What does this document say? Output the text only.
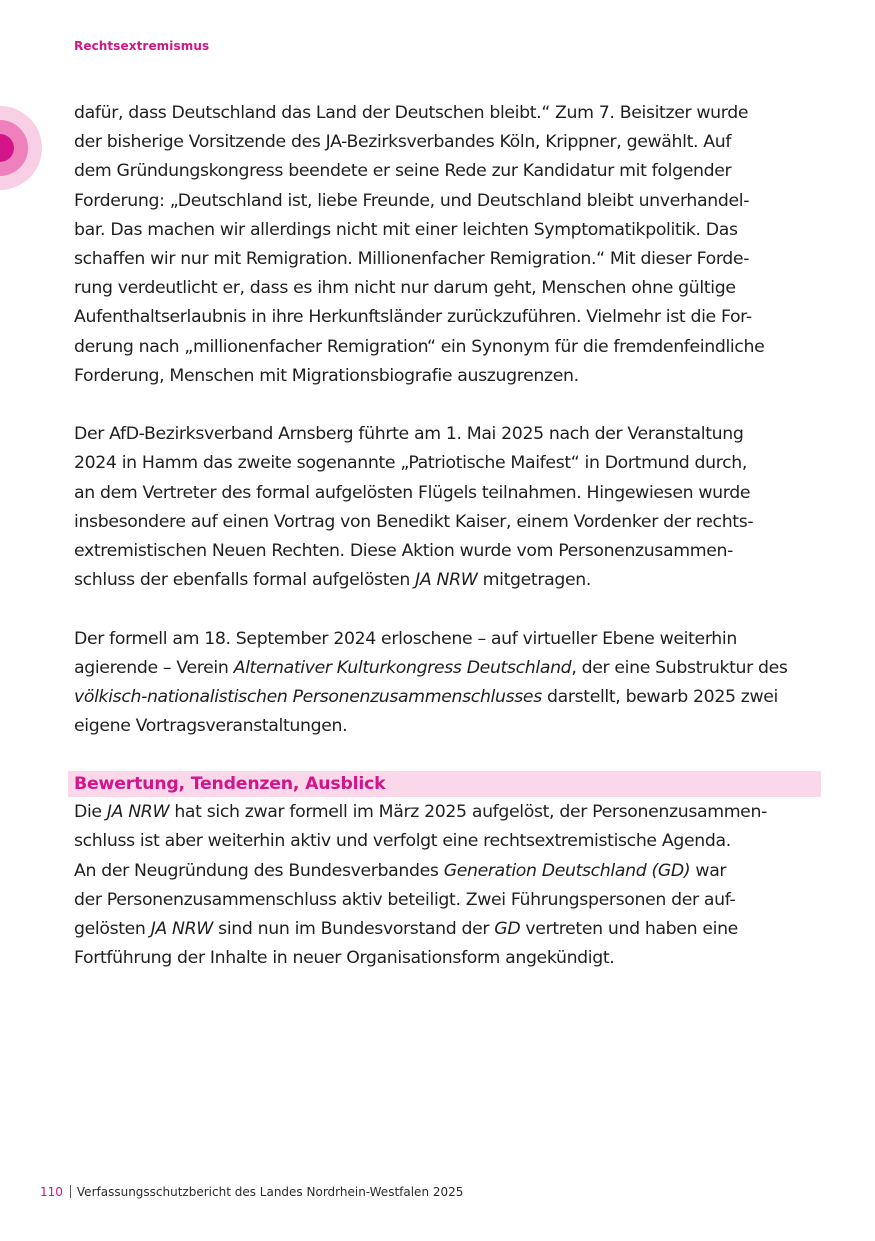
Rechtsextremismus

dafür, dass Deutschland das Land der Deutschen bleibt.“ Zum 7. Beisitzer wurde
der bisherige Vorsitzende des JA-Bezirksverbandes Köln, Krippner, gewählt. Auf
dem Gründungskongress beendete er seine Rede zur Kandidatur mit folgender
Forderung: „Deutschland ist, liebe Freunde, und Deutschland bleibt unverhandel-
bar. Das machen wir allerdings nicht mit einer leichten Symptomatikpolitik. Das
schaffen wir nur mit Remigration. Millionenfacher Remigration.“ Mit dieser Forde-
rung verdeutlicht er, dass es ihm nicht nur darum geht, Menschen ohne gültige
Aufenthaltserlaubnis in ihre Herkunftsländer zurückzuführen. Vielmehr ist die For-
derung nach „millionenfacher Remigration“ ein Synonym für die fremdenfeindliche
Forderung, Menschen mit Migrationsbiografie auszugrenzen.

Der AfD-Bezirksverband Arnsberg führte am 1. Mai 2025 nach der Veranstaltung
2024 in Hamm das zweite sogenannte „Patriotische Maifest“ in Dortmund durch,
an dem Vertreter des formal aufgelösten Flügels teilnahmen. Hingewiesen wurde
insbesondere auf einen Vortrag von Benedikt Kaiser, einem Vordenker der rechts-
extremistischen Neuen Rechten. Diese Aktion wurde vom Personenzusammen-
schluss der ebenfalls formal aufgelösten JA NRW mitgetragen.

Der formell am 18. September 2024 erloschene – auf virtueller Ebene weiterhin
agierende – Verein Alternativer Kulturkongress Deutschland, der eine Substruktur des
völkisch-nationalistischen Personenzusammenschlusses darstellt, bewarb 2025 zwei
eigene Vortragsveranstaltungen.

Bewertung, Tendenzen, Ausblick

Die JA NRW hat sich zwar formell im März 2025 aufgelöst, der Personenzusammen-
schluss ist aber weiterhin aktiv und verfolgt eine rechtsextremistische Agenda.
An der Neugründung des Bundesverbandes Generation Deutschland (GD) war
der Personenzusammenschluss aktiv beteiligt. Zwei Führungspersonen der auf-
gelösten JA NRW sind nun im Bundesvorstand der GD vertreten und haben eine
Fortführung der Inhalte in neuer Organisationsform angekündigt.

110 Verfassungsschutzbericht des Landes Nordrhein-Westfalen 2025
